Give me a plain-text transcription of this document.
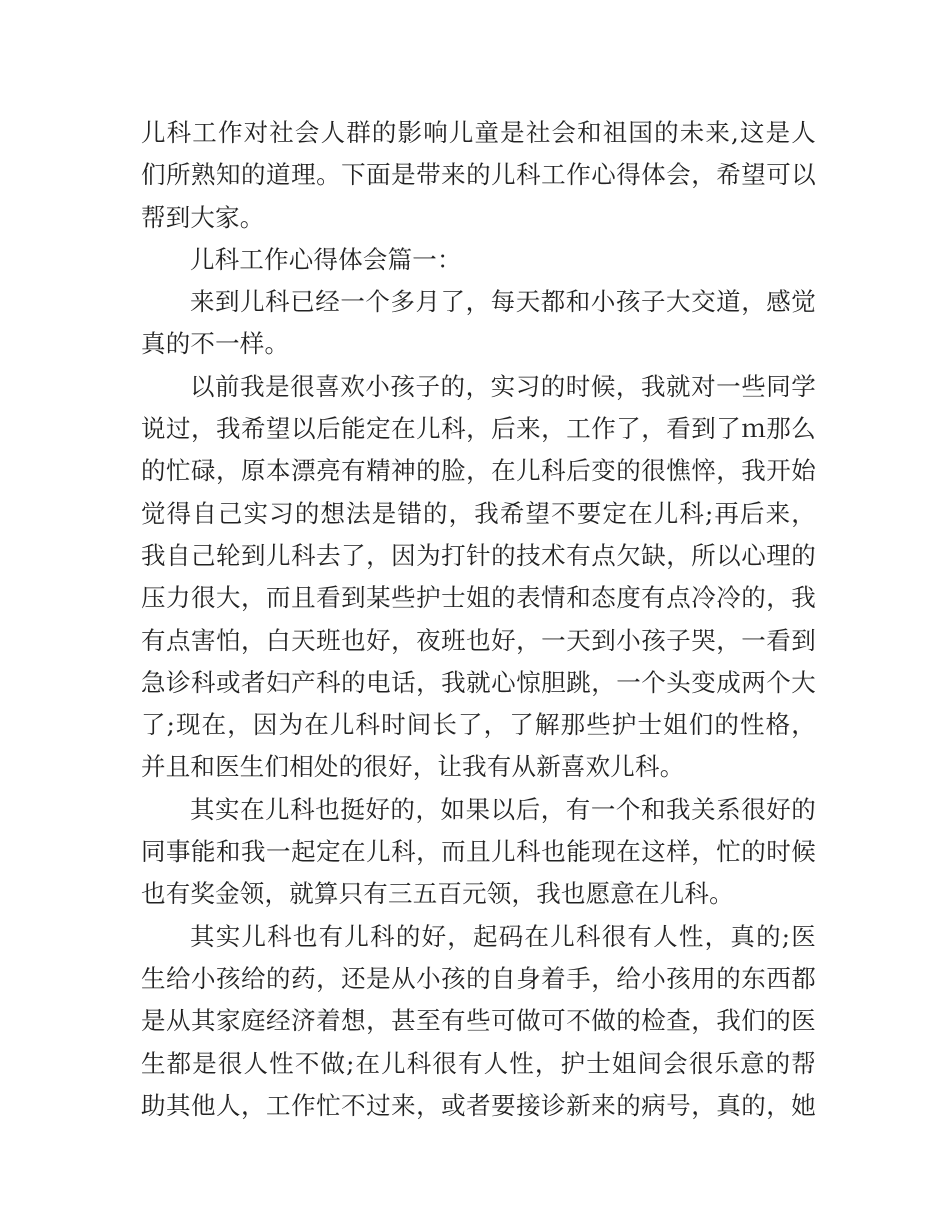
儿科工作对社会人群的影响儿童是社会和祖国的未来,这是人
们所熟知的道理。下面是带来的儿科工作心得体会，希望可以
帮到大家。
儿科工作心得体会篇一：
来到儿科已经一个多月了，每天都和小孩子大交道，感觉
真的不一样。
以前我是很喜欢小孩子的，实习的时候，我就对一些同学
说过，我希望以后能定在儿科，后来，工作了，看到了ｍ那么
的忙碌，原本漂亮有精神的脸，在儿科后变的很憔悴，我开始
觉得自己实习的想法是错的，我希望不要定在儿科;再后来，
我自己轮到儿科去了，因为打针的技术有点欠缺，所以心理的
压力很大，而且看到某些护士姐的表情和态度有点冷冷的，我
有点害怕，白天班也好，夜班也好，一天到小孩子哭，一看到
急诊科或者妇产科的电话，我就心惊胆跳，一个头变成两个大
了;现在，因为在儿科时间长了，了解那些护士姐们的性格，
并且和医生们相处的很好，让我有从新喜欢儿科。
其实在儿科也挺好的，如果以后，有一个和我关系很好的
同事能和我一起定在儿科，而且儿科也能现在这样，忙的时候
也有奖金领，就算只有三五百元领，我也愿意在儿科。
其实儿科也有儿科的好，起码在儿科很有人性，真的;医
生给小孩给的药，还是从小孩的自身着手，给小孩用的东西都
是从其家庭经济着想，甚至有些可做可不做的检查，我们的医
生都是很人性不做;在儿科很有人性，护士姐间会很乐意的帮
助其他人，工作忙不过来，或者要接诊新来的病号，真的，她
